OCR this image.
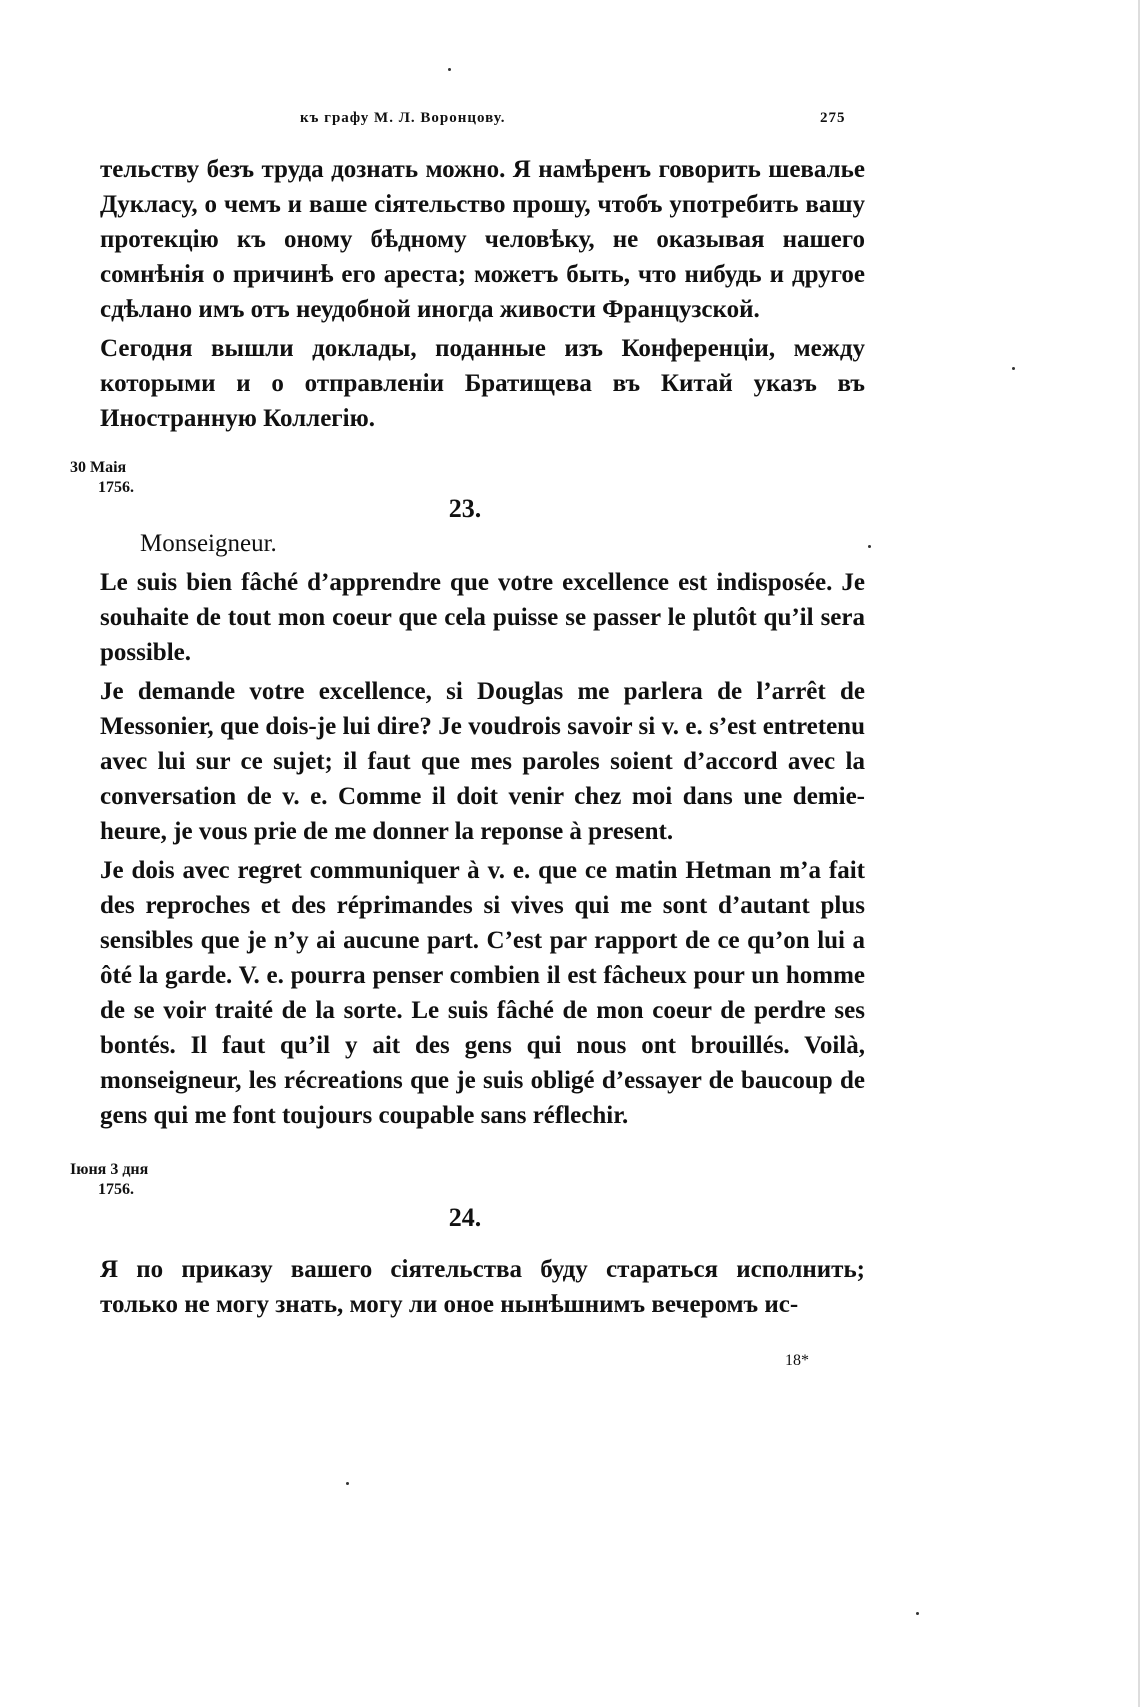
къ графу М. Л. Воронцову.	275

тельству безъ труда дознать можно. Я намѣренъ говорить шевалье Дукласу, о чемъ и ваше сіятельство прошу, чтобъ употребить вашу протекцію къ оному бѣдному человѣку, не оказывая нашего сомнѣнія о причинѣ его ареста; можетъ быть, что нибудь и другое сдѣлано имъ отъ неудобной иногда живости Французской.

Сегодня вышли доклады, поданные изъ Конференціи, между которыми и о отправленіи Братищева въ Китай указъ въ Иностранную Коллегію.

30 Маія
1756.
23.
Monseigneur.

Le suis bien fâché d’apprendre que votre excellence est indisposée. Je souhaite de tout mon coeur que cela puisse se passer le plutôt qu’il sera possible.

Je demande votre excellence, si Douglas me parlera de l’arrêt de Messonier, que dois-je lui dire? Je voudrois savoir si v. e. s’est entretenu avec lui sur ce sujet; il faut que mes paroles soient d’accord avec la conversation de v. e. Comme il doit venir chez moi dans une demie-heure, je vous prie de me donner la reponse à present.

Je dois avec regret communiquer à v. e. que ce matin Hetman m’a fait des reproches et des réprimandes si vives qui me sont d’autant plus sensibles que je n’y ai aucune part. C’est par rapport de ce qu’on lui a ôté la garde. V. e. pourra penser combien il est fâcheux pour un homme de se voir traité de la sorte. Le suis fâché de mon coeur de perdre ses bontés. Il faut qu’il y ait des gens qui nous ont brouillés. Voilà, monseigneur, les récreations que je suis obligé d’essayer de baucoup de gens qui me font toujours coupable sans réflechir.

Іюня 3 дня
1756.
24.

Я по приказу вашего сіятельства буду стараться исполнить; только не могу знать, могу ли оное нынѣшнимъ вечеромъ ис-

18*
